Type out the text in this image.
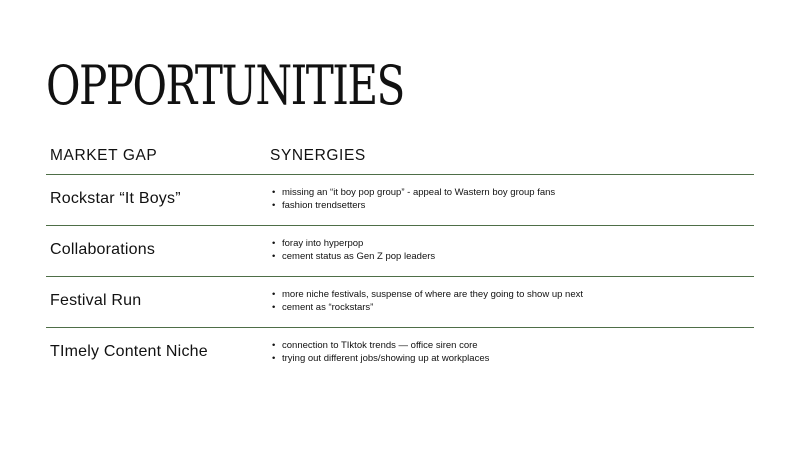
OPPORTUNITIES
MARKET GAP	SYNERGIES
Rockstar “It Boys”	• missing an “it boy pop group” - appeal to Wastern boy group fans
• fashion trendsetters
Collaborations	• foray into hyperpop
• cement status as Gen Z pop leaders
Festival Run	• more niche festivals, suspense of where are they going to show up next
• cement as “rockstars”
TImely Content Niche	• connection to TIktok trends — office siren core
• trying out different jobs/showing up at workplaces
